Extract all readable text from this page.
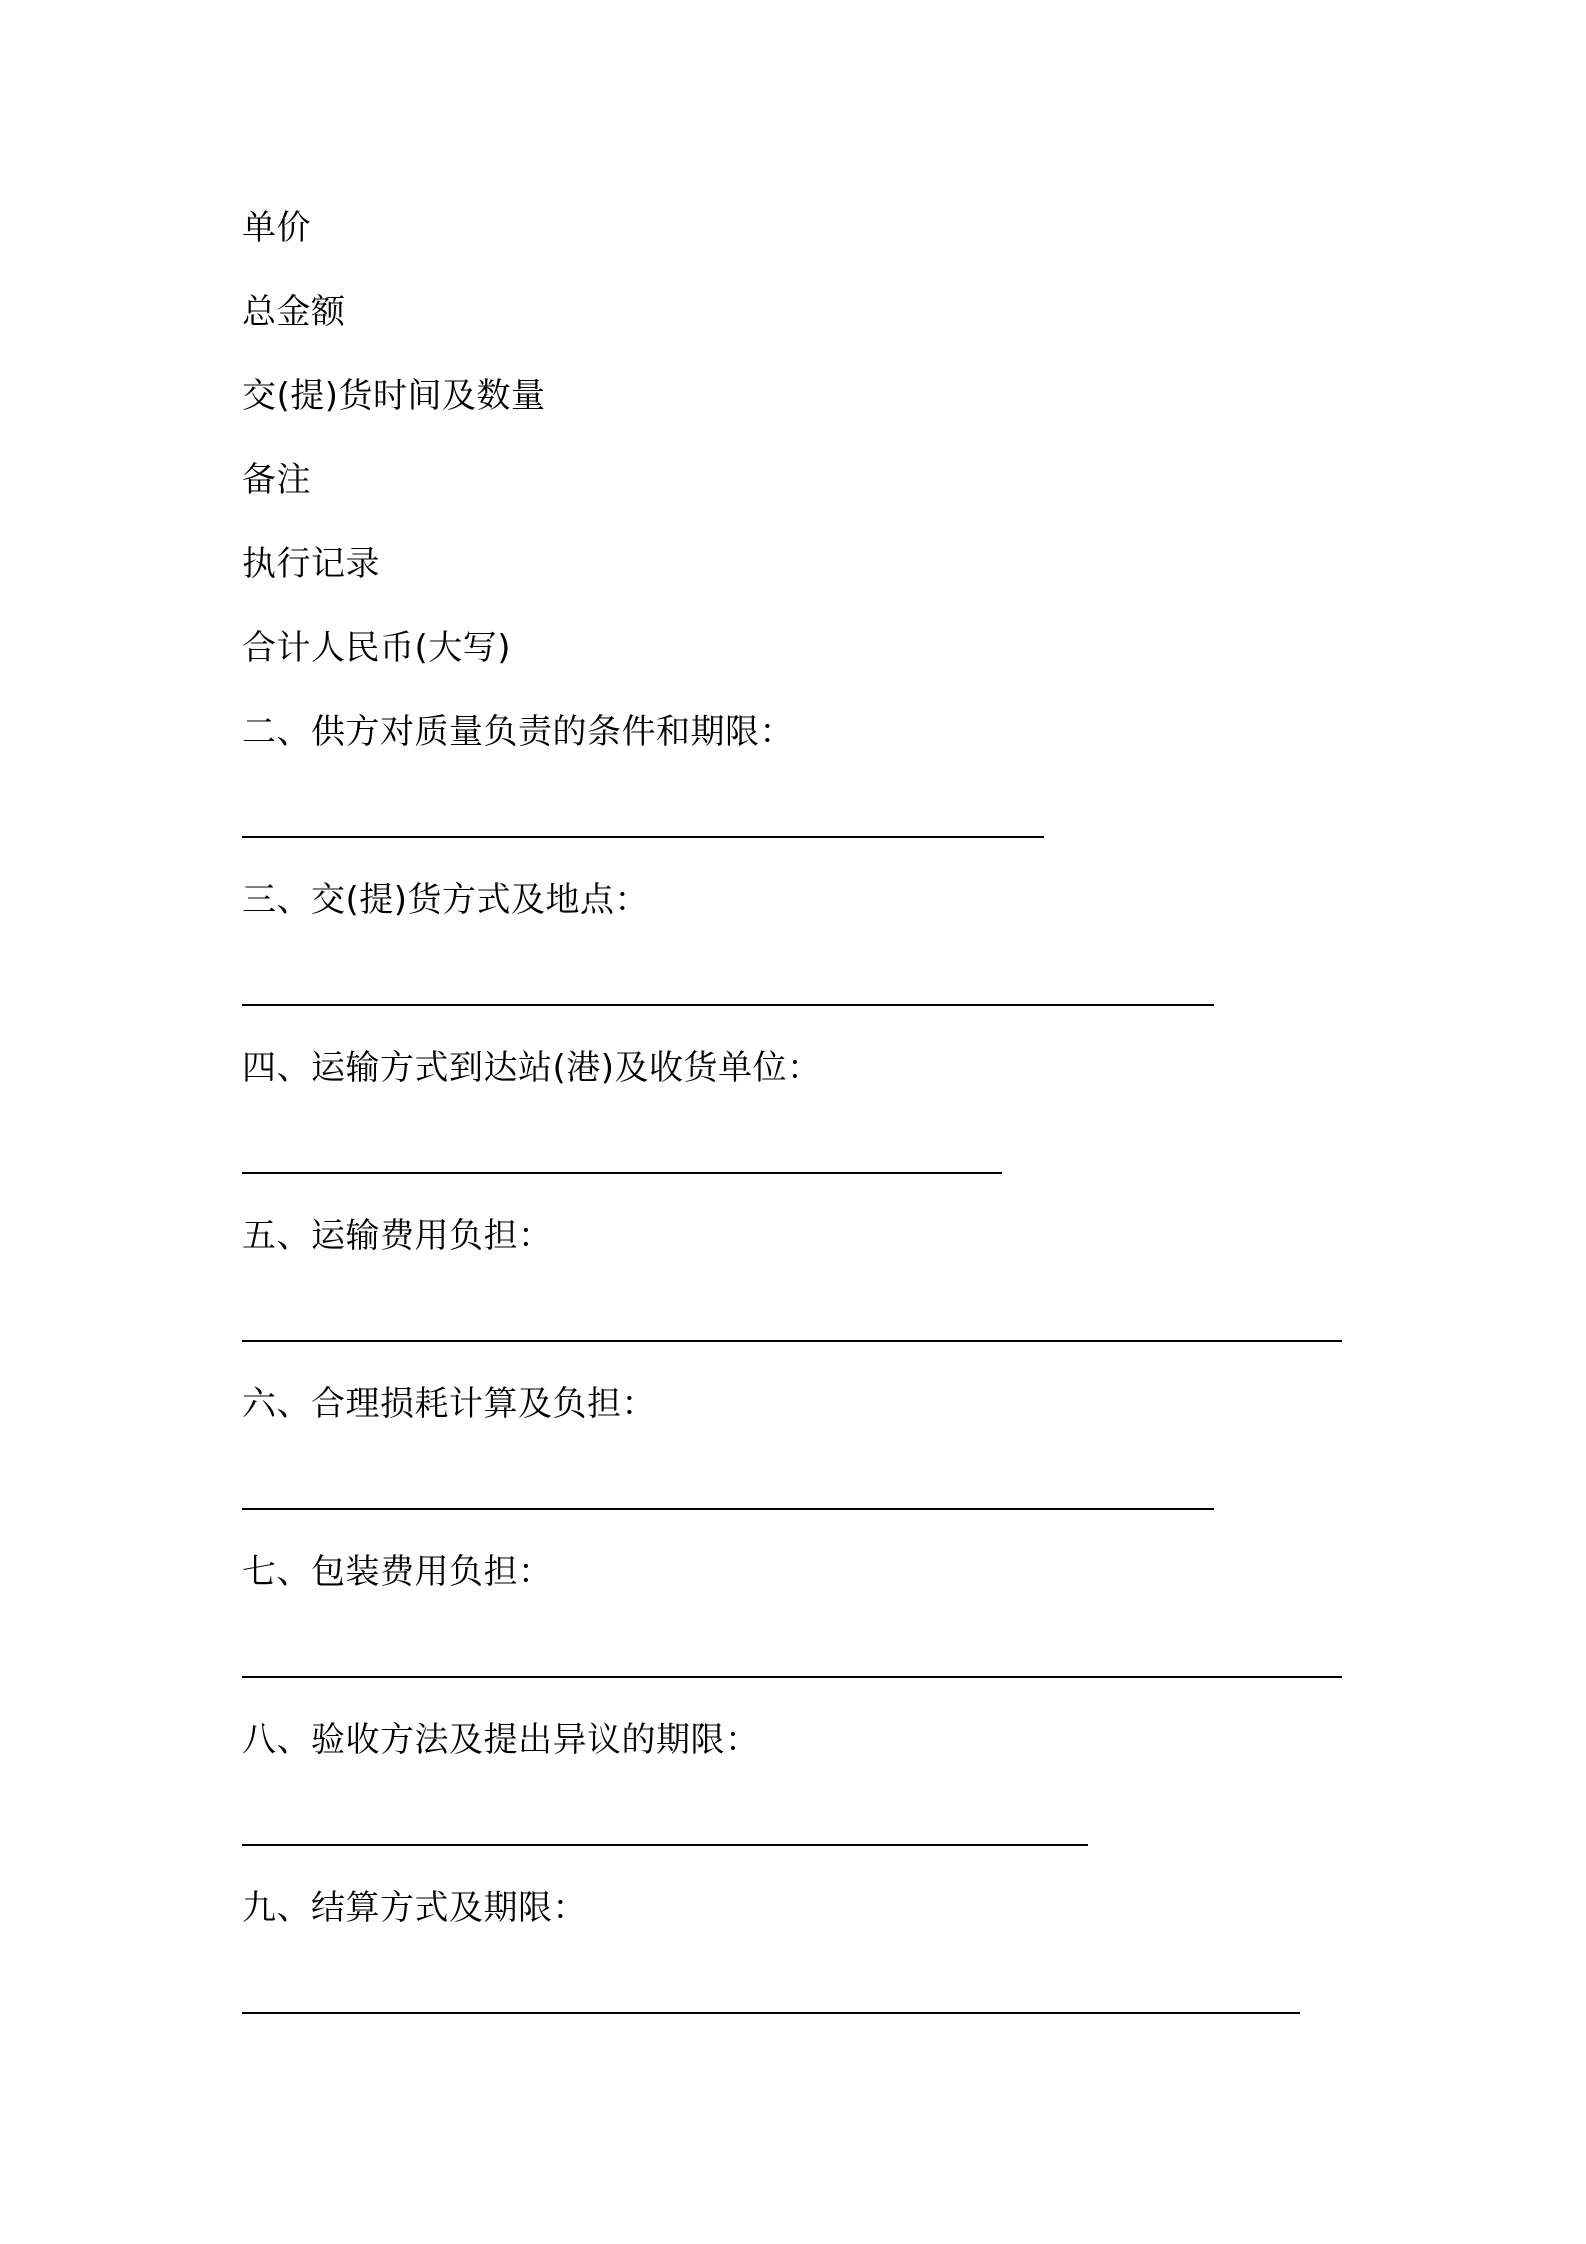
单价
总金额
交(提)货时间及数量
备注
执行记录
合计人民币(大写)
二、供方对质量负责的条件和期限：
三、交(提)货方式及地点：
四、运输方式到达站(港)及收货单位：
五、运输费用负担：
六、合理损耗计算及负担：
七、包装费用负担：
八、验收方法及提出异议的期限：
九、结算方式及期限：
